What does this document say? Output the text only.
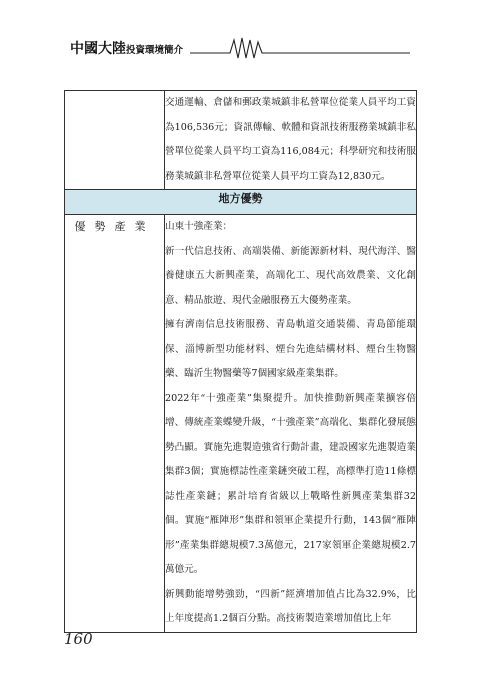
中國大陸投資環境簡介

	交通運輸、倉儲和郵政業城鎮非私營單位從業人員平均工資為106,536元；資訊傳輸、軟體和資訊技術服務業城鎮非私營單位從業人員平均工資為116,084元；科學研究和技術服務業城鎮非私營單位從業人員平均工資為12,830元。

地方優勢	
優勢產業	山東十強產業：

新一代信息技術、高端裝備、新能源新材料、現代海洋、醫養健康五大新興產業，高端化工、現代高效農業、文化創意、精品旅遊、現代金融服務五大優勢產業。

擁有濟南信息技術服務、青島軌道交通裝備、青島節能環保、淄博新型功能材料、煙台先進結構材料、煙台生物醫藥、臨沂生物醫藥等7個國家級產業集群。

2022年“十強產業”集聚提升。加快推動新興產業擴容倍增、傳統產業蝶變升級，“十強產業”高端化、集群化發展態勢凸顯。實施先進製造強省行動計畫，建設國家先進製造業集群3個；實施標誌性產業鏈突破工程，高標準打造11條標誌性產業鏈；累計培育省級以上戰略性新興產業集群32個。實施“雁陣形”集群和領軍企業提升行動，143個“雁陣形”產業集群總規模7.3萬億元，217家領軍企業總規模2.7萬億元。

新興動能增勢強勁，“四新”經濟增加值占比為32.9%，比上年度提高1.2個百分點。高技術製造業增加值比上年

160
